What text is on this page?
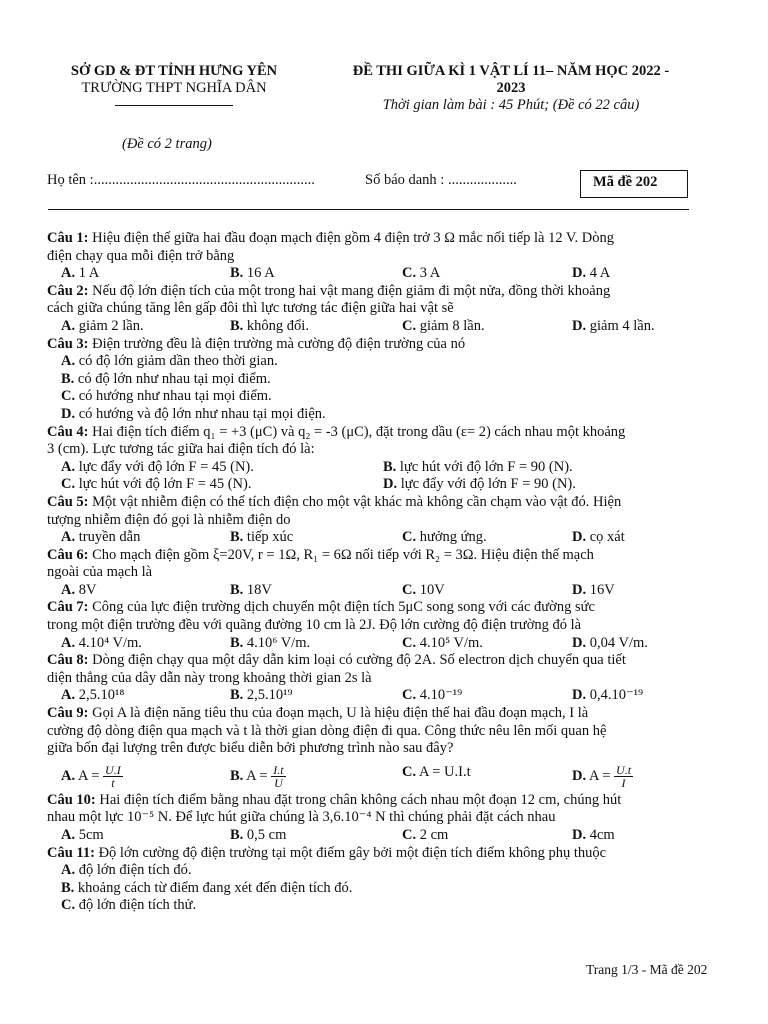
SỞ GD & ĐT TỈNH HƯNG YÊN
TRƯỜNG THPT NGHĨA DÂN
ĐỀ THI GIỮA KÌ 1 VẬT LÍ 11– NĂM HỌC 2022 -
2023
Thời gian làm bài : 45 Phút; (Đề có 22 câu)
(Đề có 2 trang)
Họ tên :.............................................................	Số báo danh : ...................	Mã đề 202
Câu 1: Hiệu điện thế giữa hai đầu đoạn mạch điện gồm 4 điện trở 3 Ω mắc nối tiếp là 12 V. Dòng
điện chạy qua mỗi điện trở bằng
A. 1 A	B. 16 A	C. 3 A	D. 4 A
Câu 2: Nếu độ lớn điện tích của một trong hai vật mang điện giảm đi một nửa, đồng thời khoảng
cách giữa chúng tăng lên gấp đôi thì lực tương tác điện giữa hai vật sẽ
A. giảm 2 lần.	B. không đổi.	C. giảm 8 lần.	D. giảm 4 lần.
Câu 3: Điện trường đều là điện trường mà cường độ điện trường của nó
A. có độ lớn giảm dần theo thời gian.
B. có độ lớn như nhau tại mọi điểm.
C. có hướng như nhau tại mọi điểm.
D. có hướng và độ lớn như nhau tại mọi điện.
Câu 4: Hai điện tích điểm q₁ = +3 (μC) và q₂ = -3 (μC), đặt trong dầu (ε= 2) cách nhau một khoảng
3 (cm). Lực tương tác giữa hai điện tích đó là:
A. lực đẩy với độ lớn F = 45 (N).	B. lực hút với độ lớn F = 90 (N).
C. lực hút với độ lớn F = 45 (N).	D. lực đẩy với độ lớn F = 90 (N).
Câu 5: Một vật nhiễm điện có thể tích điện cho một vật khác mà không cần chạm vào vật đó. Hiện
tượng nhiễm điện đó gọi là nhiễm điện do
A. truyền dẫn	B. tiếp xúc	C. hưởng ứng.	D. cọ xát
Câu 6: Cho mạch điện gồm ξ=20V, r = 1Ω, R₁ = 6Ω nối tiếp với R₂ = 3Ω. Hiệu điện thế mạch
ngoài của mạch là
A. 8V	B. 18V	C. 10V	D. 16V
Câu 7: Công của lực điện trường dịch chuyển một điện tích 5μC song song với các đường sức
trong một điện trường đều với quãng đường 10 cm là 2J. Độ lớn cường độ điện trường đó là
A. 4.10⁴ V/m.	B. 4.10⁶ V/m.	C. 4.10⁵ V/m.	D. 0,04 V/m.
Câu 8: Dòng điện chạy qua một dây dẫn kim loại có cường độ 2A. Số electron dịch chuyển qua tiết
diện thẳng của dây dẫn này trong khoảng thời gian 2s là
A. 2,5.10¹⁸	B. 2,5.10¹⁹	C. 4.10⁻¹⁹	D. 0,4.10⁻¹⁹
Câu 9: Gọi A là điện năng tiêu thu của đoạn mạch, U là hiệu điện thế hai đầu đoạn mạch, I là
cường độ dòng điện qua mạch và t là thời gian dòng điện đi qua. Công thức nêu lên mối quan hệ
giữa bốn đại lượng trên được biểu diễn bởi phương trình nào sau đây?
A. $A = \frac{U.I}{t}$	B. $A = \frac{I.t}{U}$	C. A = U.I.t	D. $A = \frac{U.t}{I}$
Câu 10: Hai điện tích điểm bằng nhau đặt trong chân không cách nhau một đoạn 12 cm, chúng hút
nhau một lực 10⁻⁵ N. Để lực hút giữa chúng là 3,6.10⁻⁴ N thì chúng phải đặt cách nhau
A. 5cm	B. 0,5 cm	C. 2 cm	D. 4cm
Câu 11: Độ lớn cường độ điện trường tại một điểm gây bởi một điện tích điểm không phụ thuộc
A. độ lớn điện tích đó.
B. khoảng cách từ điểm đang xét đến điện tích đó.
C. độ lớn điện tích thử.
Trang 1/3 - Mã đề 202
